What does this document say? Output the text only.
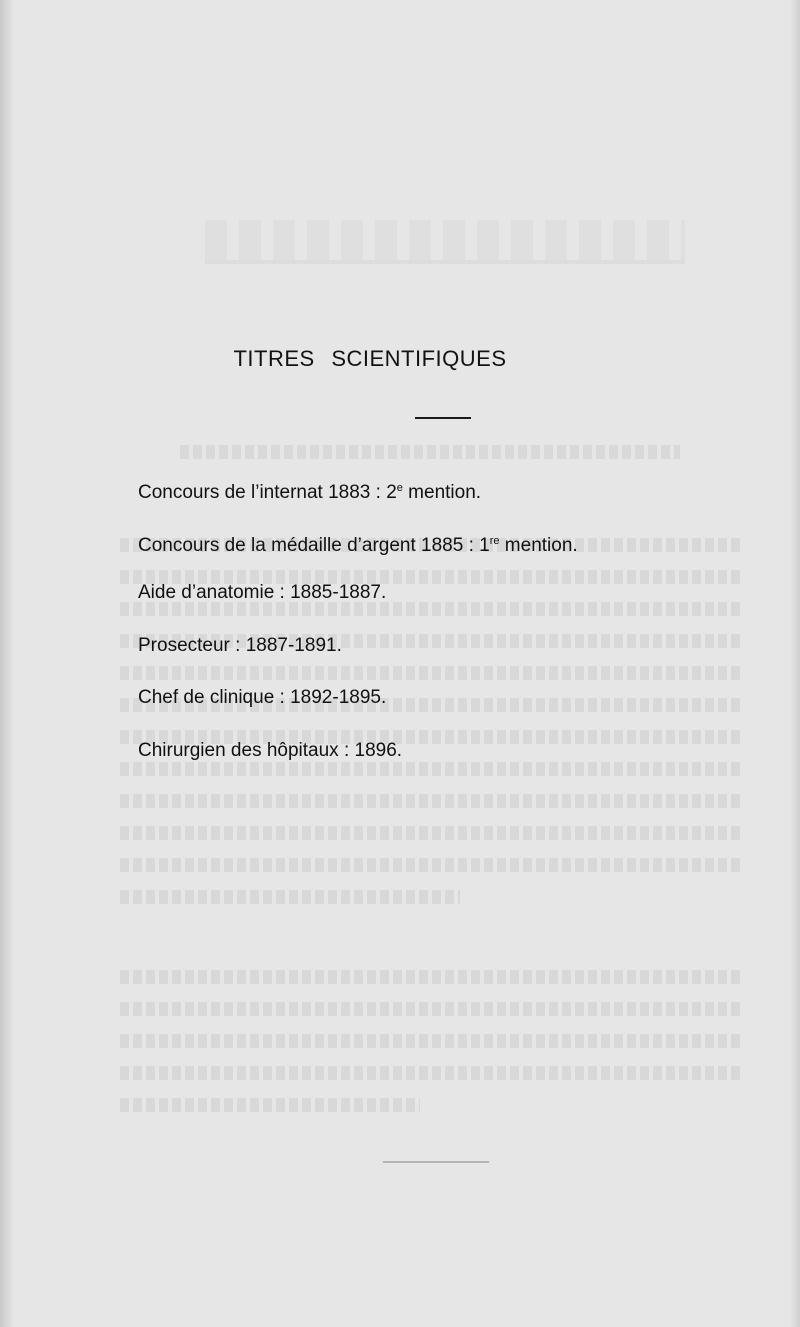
TITRES SCIENTIFIQUES
Concours de l’internat 1883 : 2e mention.
Concours de la médaille d’argent 1885 : 1re mention.
Aide d’anatomie : 1885-1887.
Prosecteur : 1887-1891.
Chef de clinique : 1892-1895.
Chirurgien des hôpitaux : 1896.
